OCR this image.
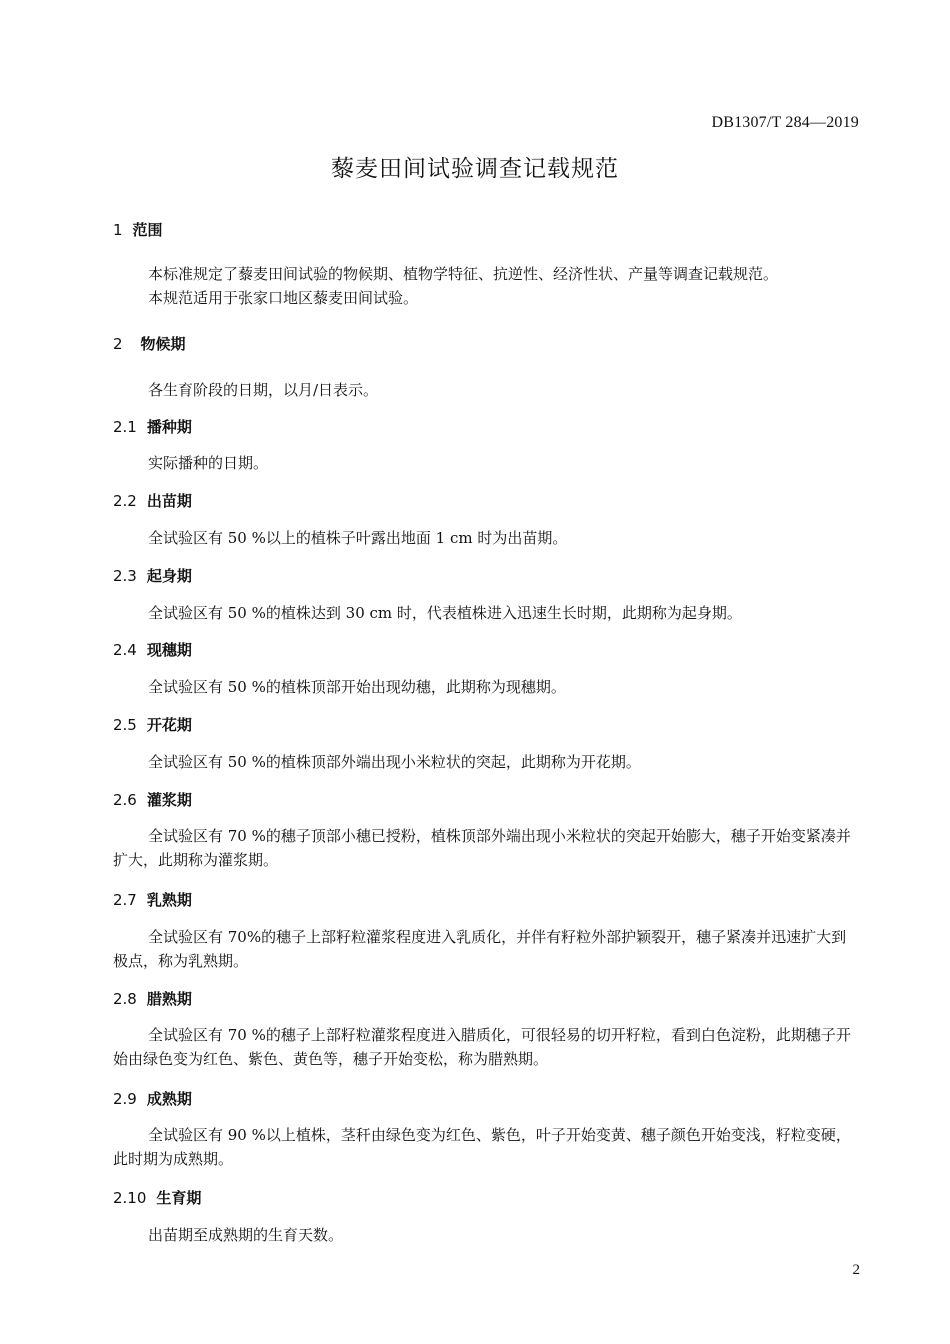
DB1307/T 284—2019
藜麦田间试验调查记载规范
1 范围
本标准规定了藜麦田间试验的物候期、植物学特征、抗逆性、经济性状、产量等调查记载规范。
本规范适用于张家口地区藜麦田间试验。
2 物候期
各生育阶段的日期，以月/日表示。
2.1 播种期
实际播种的日期。
2.2 出苗期
全试验区有 50 %以上的植株子叶露出地面 1 cm 时为出苗期。
2.3 起身期
全试验区有 50 %的植株达到 30 cm 时，代表植株进入迅速生长时期，此期称为起身期。
2.4 现穗期
全试验区有 50 %的植株顶部开始出现幼穗，此期称为现穗期。
2.5 开花期
全试验区有 50 %的植株顶部外端出现小米粒状的突起，此期称为开花期。
2.6 灌浆期
全试验区有 70 %的穗子顶部小穗已授粉，植株顶部外端出现小米粒状的突起开始膨大，穗子开始变紧凑并扩大，此期称为灌浆期。
2.7 乳熟期
全试验区有 70%的穗子上部籽粒灌浆程度进入乳质化，并伴有籽粒外部护颖裂开，穗子紧凑并迅速扩大到极点，称为乳熟期。
2.8 腊熟期
全试验区有 70 %的穗子上部籽粒灌浆程度进入腊质化，可很轻易的切开籽粒，看到白色淀粉，此期穗子开始由绿色变为红色、紫色、黄色等，穗子开始变松，称为腊熟期。
2.9 成熟期
全试验区有 90 %以上植株，茎秆由绿色变为红色、紫色，叶子开始变黄、穗子颜色开始变浅，籽粒变硬，此时期为成熟期。
2.10 生育期
出苗期至成熟期的生育天数。
2
